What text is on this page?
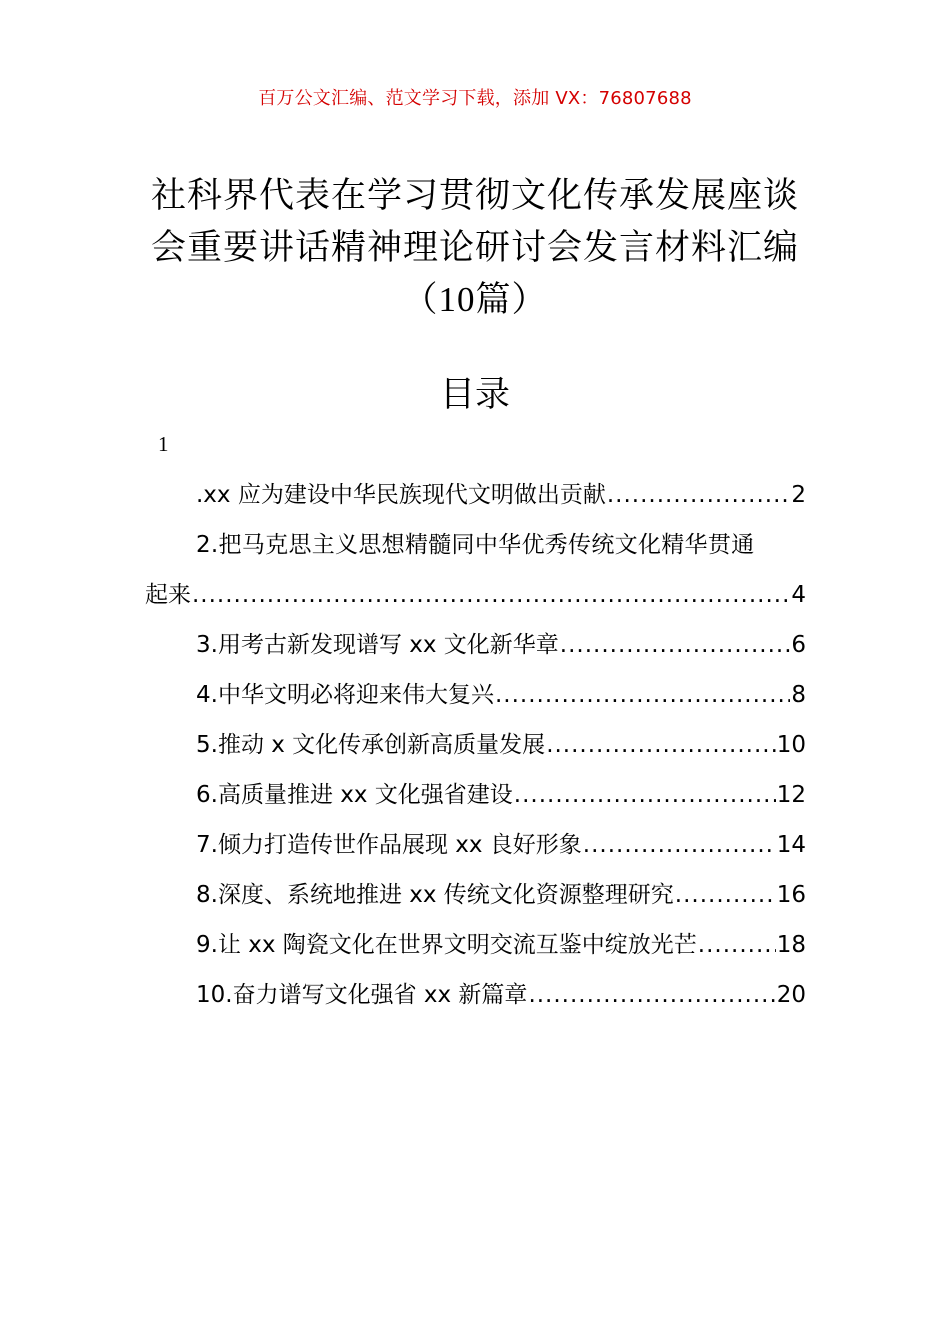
百万公文汇编、范文学习下载，添加 VX：76807688
社科界代表在学习贯彻文化传承发展座谈
会重要讲话精神理论研讨会发言材料汇编
（10篇）
目录
1
.xx 应为建设中华民族现代文明做出贡献 .....	2
2.把马克思主义思想精髓同中华优秀传统文化精华贯通
起来 .....	4
3.用考古新发现谱写 xx 文化新华章 .....	6
4.中华文明必将迎来伟大复兴 .....	8
5.推动 x 文化传承创新高质量发展 .....	10
6.高质量推进 xx 文化强省建设 .....	12
7.倾力打造传世作品展现 xx 良好形象 .....	14
8.深度、系统地推进 xx 传统文化资源整理研究 .....	16
9.让 xx 陶瓷文化在世界文明交流互鉴中绽放光芒 .....	18
10.奋力谱写文化强省 xx 新篇章 .....	20
